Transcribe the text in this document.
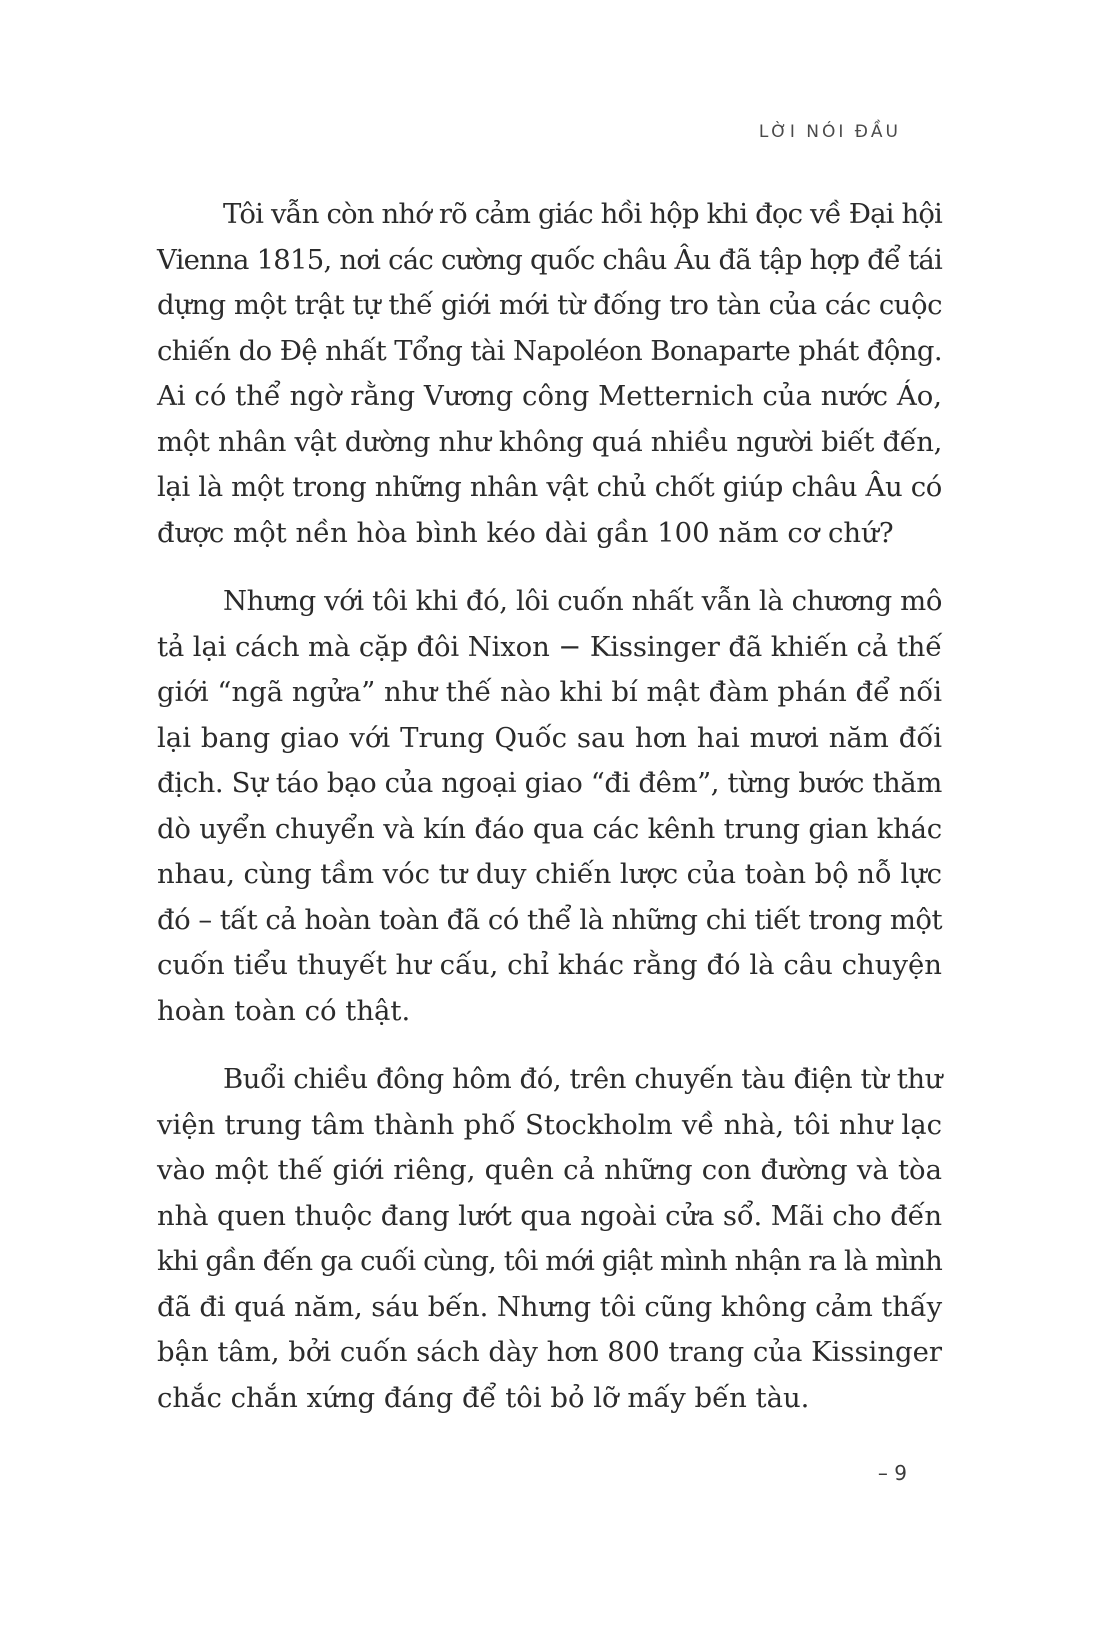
LỜI NÓI ĐẦU

Tôi vẫn còn nhớ rõ cảm giác hồi hộp khi đọc về Đại hội
Vienna 1815, nơi các cường quốc châu Âu đã tập hợp để tái
dựng một trật tự thế giới mới từ đống tro tàn của các cuộc
chiến do Đệ nhất Tổng tài Napoléon Bonaparte phát động.
Ai có thể ngờ rằng Vương công Metternich của nước Áo,
một nhân vật dường như không quá nhiều người biết đến,
lại là một trong những nhân vật chủ chốt giúp châu Âu có
được một nền hòa bình kéo dài gần 100 năm cơ chứ?

Nhưng với tôi khi đó, lôi cuốn nhất vẫn là chương mô
tả lại cách mà cặp đôi Nixon − Kissinger đã khiến cả thế
giới “ngã ngửa” như thế nào khi bí mật đàm phán để nối
lại bang giao với Trung Quốc sau hơn hai mươi năm đối
địch. Sự táo bạo của ngoại giao “đi đêm”, từng bước thăm
dò uyển chuyển và kín đáo qua các kênh trung gian khác
nhau, cùng tầm vóc tư duy chiến lược của toàn bộ nỗ lực
đó – tất cả hoàn toàn đã có thể là những chi tiết trong một
cuốn tiểu thuyết hư cấu, chỉ khác rằng đó là câu chuyện
hoàn toàn có thật.

Buổi chiều đông hôm đó, trên chuyến tàu điện từ thư
viện trung tâm thành phố Stockholm về nhà, tôi như lạc
vào một thế giới riêng, quên cả những con đường và tòa
nhà quen thuộc đang lướt qua ngoài cửa sổ. Mãi cho đến
khi gần đến ga cuối cùng, tôi mới giật mình nhận ra là mình
đã đi quá năm, sáu bến. Nhưng tôi cũng không cảm thấy
bận tâm, bởi cuốn sách dày hơn 800 trang của Kissinger
chắc chắn xứng đáng để tôi bỏ lỡ mấy bến tàu.

– 9
